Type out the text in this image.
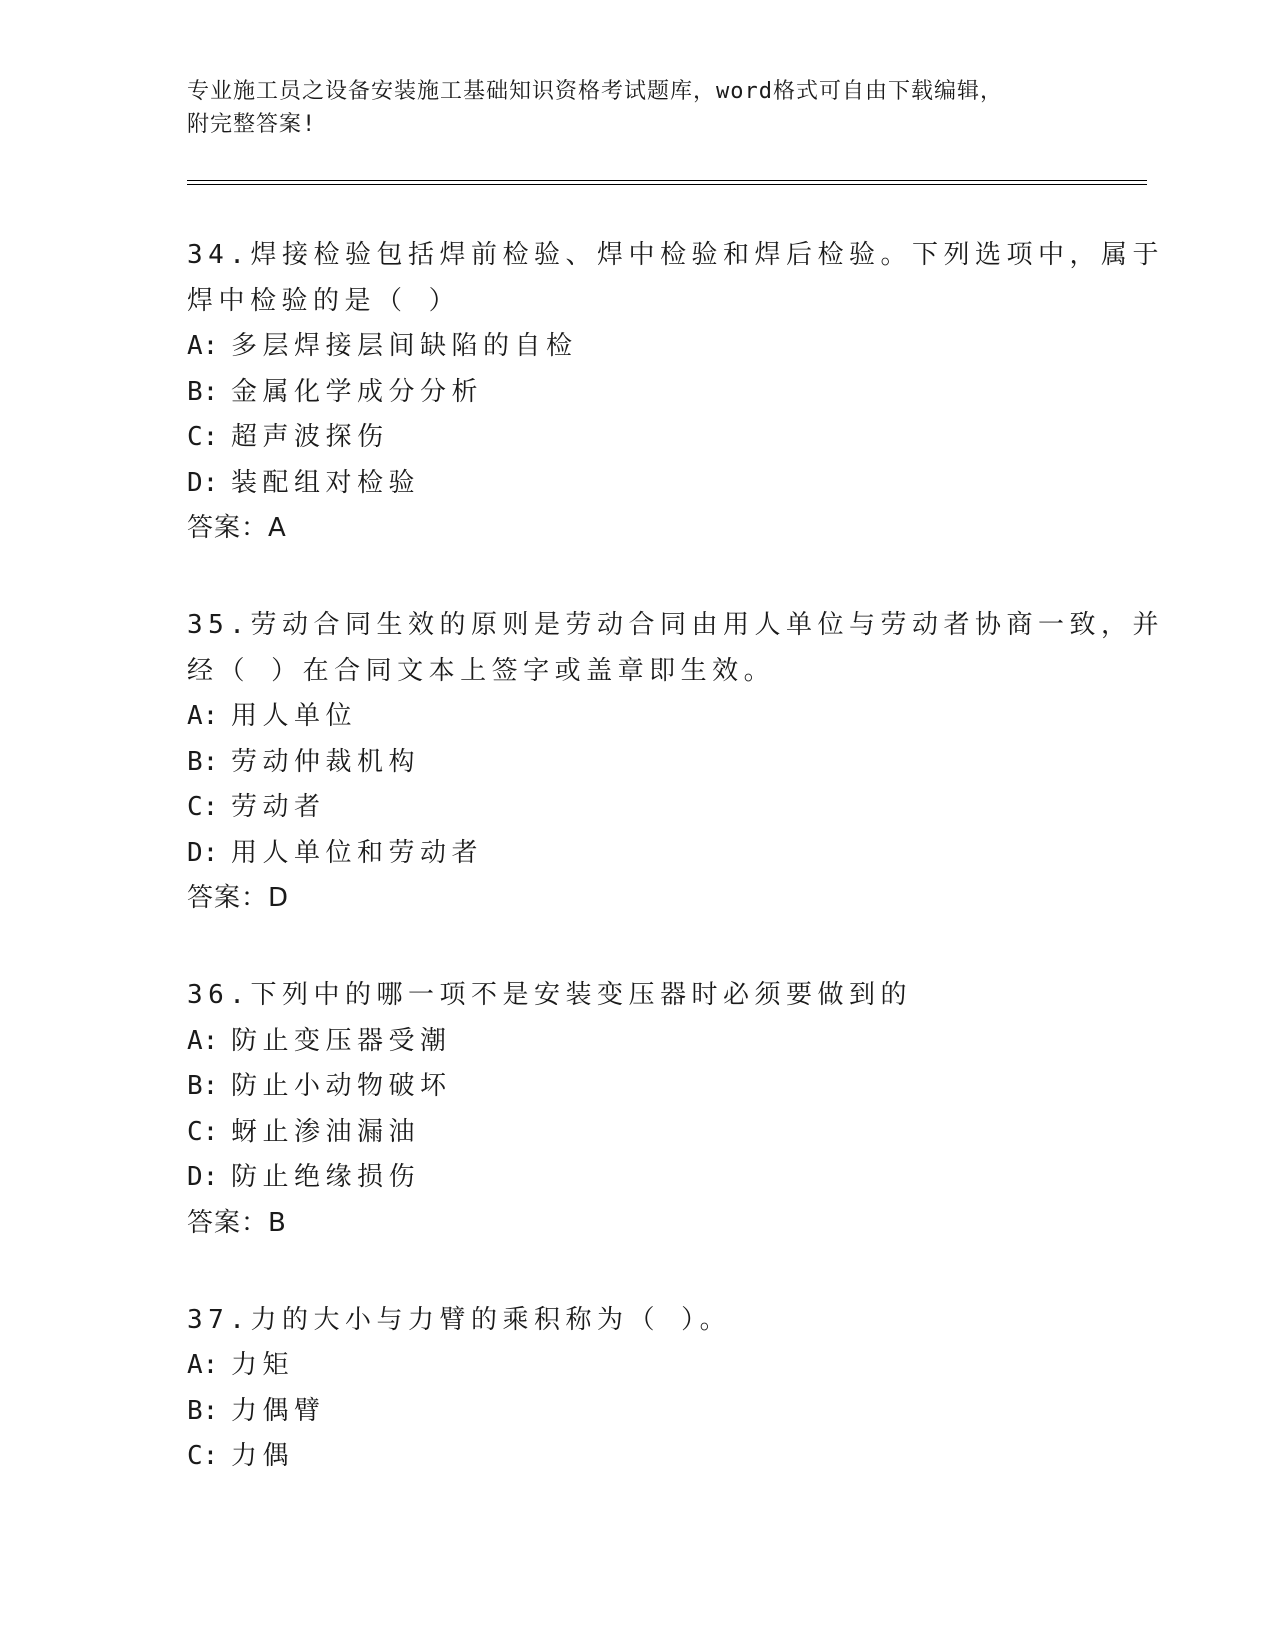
专业施工员之设备安装施工基础知识资格考试题库，word格式可自由下载编辑，
附完整答案!
34.焊接检验包括焊前检验、焊中检验和焊后检验。下列选项中，属于
焊中检验的是（ ）
A: 多层焊接层间缺陷的自检
B: 金属化学成分分析
C: 超声波探伤
D: 装配组对检验
答案：A
35.劳动合同生效的原则是劳动合同由用人单位与劳动者协商一致，并
经（ ）在合同文本上签字或盖章即生效。
A: 用人单位
B: 劳动仲裁机构
C: 劳动者
D: 用人单位和劳动者
答案：D
36.下列中的哪一项不是安装变压器时必须要做到的
A: 防止变压器受潮
B: 防止小动物破坏
C: 蚜止渗油漏油
D: 防止绝缘损伤
答案：B
37.力的大小与力臂的乘积称为（ ）。
A: 力矩
B: 力偶臂
C: 力偶
